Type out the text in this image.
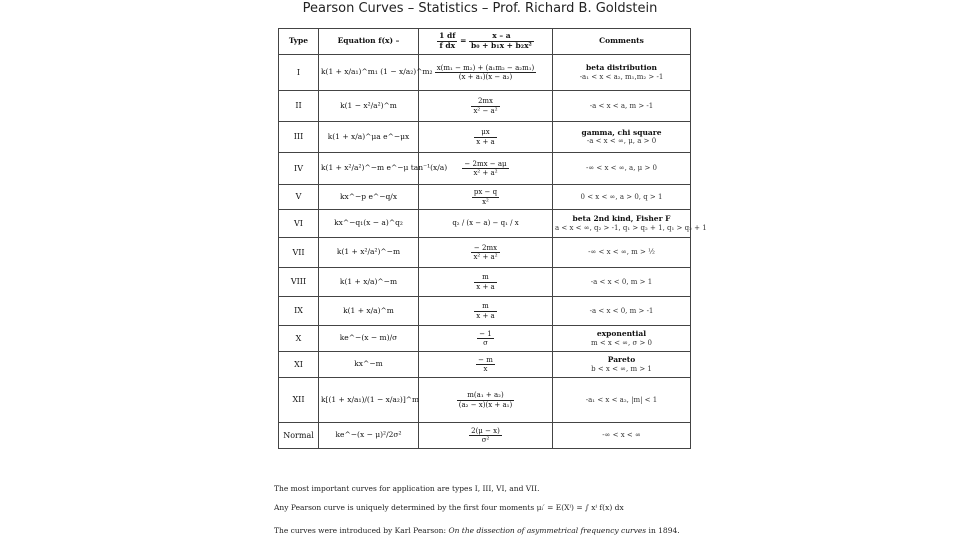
Pearson Curves – Statistics – Prof. Richard B. Goldstein
Type	Equation f(x) –	$\frac{1 df}{\text{f dx}} = \frac{x - a}{\text{b₀ + b₁x + b₂x²}}$	Comments
I	k(1 + x/a₁)^m₁ (1 − x/a₂)^m₂	$\frac{\text{x(m₁ − m₂) + (a₁m₂ − a₂m₁)}}{\text{(x + a₁)(x − a₂)}}$	beta distribution
-a₁ < x < a₂, m₁,m₂ > -1

II	k(1 − x²/a²)^m	$\frac{2mx}{\text{x² − a²}}$	-a < x < a, m > -1

III	k(1 + x/a)^μa e^−μx	$\frac{\mu x}{x + a}$	gamma, chi square
-a < x < ∞, μ, a > 0

IV	k(1 + x²/a²)^−m e^−μ tan⁻¹(x/a)	$\frac{- 2mx - a\mu}{\text{x² + a²}}$	-∞ < x < ∞, a, μ > 0

V	kx^−p e^−q/x	$\frac{px - q}{\text{x²}}$	0 < x < ∞, a > 0, q > 1

VI	kx^−q₁(x − a)^q₂	q₂ / (x − a) − q₁ / x	beta 2nd kind, Fisher F
a < x < ∞, q₂ > -1, q₁ > q₂ + 1, q₁ > q₂ + 1

VII	k(1 + x²/a²)^−m	$\frac{- 2mx}{\text{x² + a²}}$	-∞ < x < ∞, m > ½

VIII	k(1 + x/a)^−m	$\frac{m}{x + a}$	-a < x < 0, m > 1

IX	k(1 + x/a)^m	$\frac{m}{x + a}$	-a < x < 0, m > -1

X	ke^−(x − m)/σ	$\frac{- 1}{\sigma}$	exponential
m < x < ∞, σ > 0

XI	kx^−m	$\frac{- m}{x}$	Pareto
b < x < ∞, m > 1

XII	k[(1 + x/a₁)/(1 − x/a₂)]^m	$\frac{\text{m(a₁ + a₂)}}{\text{(a₂ − x)(x + a₁)}}$	-a₁ < x < a₂, |m| < 1

Normal	ke^−(x − μ)²/2σ²	$\frac{2(\mu - x)}{\text{σ²}}$	-∞ < x < ∞

The most important curves for application are types I, III, VI, and VII.

Any Pearson curve is uniquely determined by the first four moments μᵢ′ = E(Xⁱ) = ∫ xⁱ f(x) dx

The curves were introduced by Karl Pearson: On the dissection of asymmetrical frequency curves in 1894.
